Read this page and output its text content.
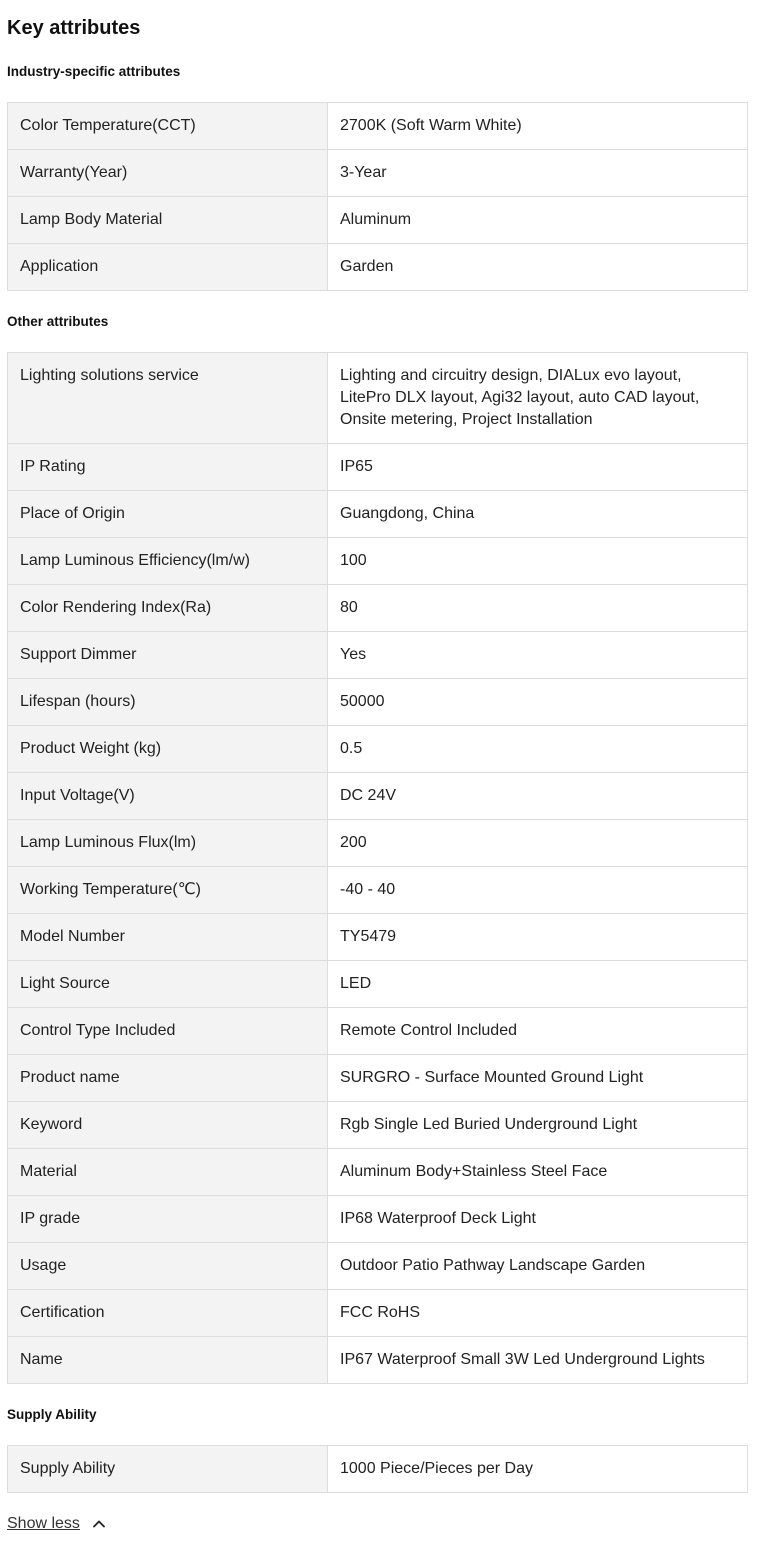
Key attributes
Industry-specific attributes
Color Temperature(CCT)	2700K (Soft Warm White)
Warranty(Year)	3-Year
Lamp Body Material	Aluminum
Application	Garden
Other attributes
Lighting solutions service	Lighting and circuitry design, DIALux evo layout, LitePro DLX layout, Agi32 layout, auto CAD layout, Onsite metering, Project Installation
IP Rating	IP65
Place of Origin	Guangdong, China
Lamp Luminous Efficiency(lm/w)	100
Color Rendering Index(Ra)	80
Support Dimmer	Yes
Lifespan (hours)	50000
Product Weight (kg)	0.5
Input Voltage(V)	DC 24V
Lamp Luminous Flux(lm)	200
Working Temperature(℃)	-40 - 40
Model Number	TY5479
Light Source	LED
Control Type Included	Remote Control Included
Product name	SURGRO - Surface Mounted Ground Light
Keyword	Rgb Single Led Buried Underground Light
Material	Aluminum Body+Stainless Steel Face
IP grade	IP68 Waterproof Deck Light
Usage	Outdoor Patio Pathway Landscape Garden
Certification	FCC RoHS
Name	IP67 Waterproof Small 3W Led Underground Lights
Supply Ability
Supply Ability	1000 Piece/Pieces per Day
Show less
